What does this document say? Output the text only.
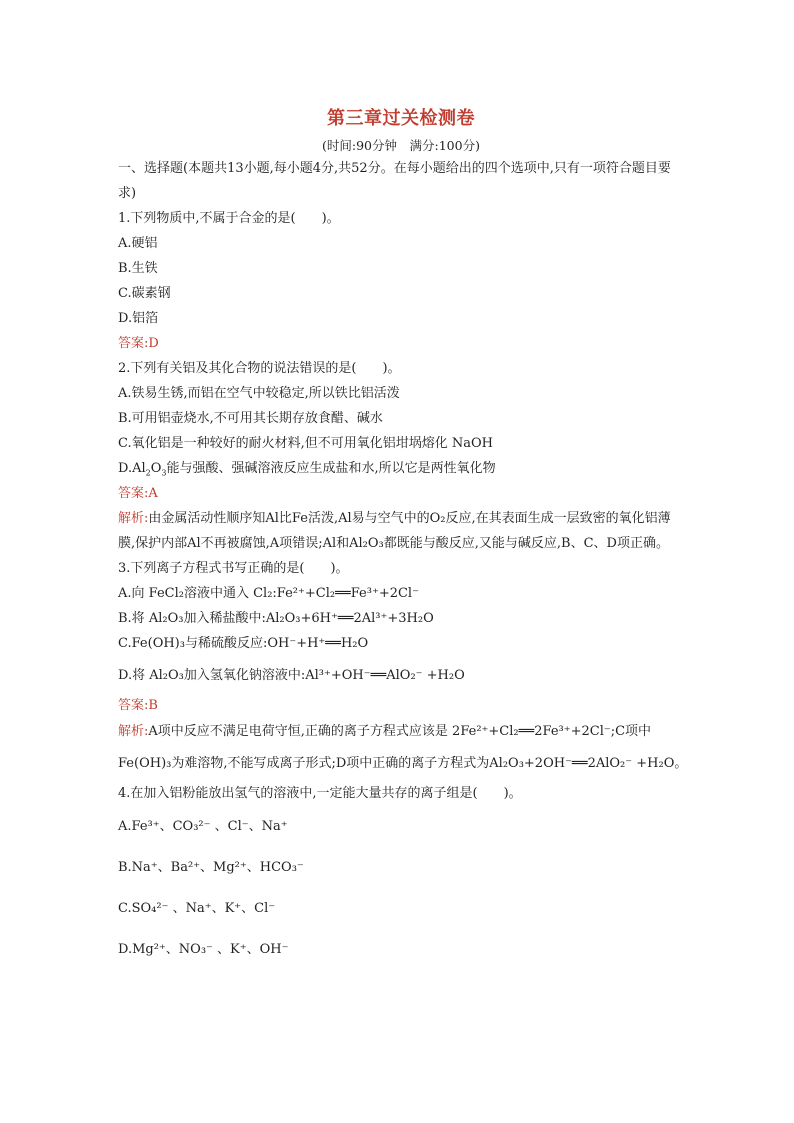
第三章过关检测卷
(时间:90分钟　满分:100分)
一、选择题(本题共13小题,每小题4分,共52分。在每小题给出的四个选项中,只有一项符合题目要求)
1.下列物质中,不属于合金的是(　　)。
A.硬铝
B.生铁
C.碳素钢
D.铝箔
答案:D
2.下列有关铝及其化合物的说法错误的是(　　)。
A.铁易生锈,而铝在空气中较稳定,所以铁比铝活泼
B.可用铝壶烧水,不可用其长期存放食醋、碱水
C.氧化铝是一种较好的耐火材料,但不可用氧化铝坩埚熔化 NaOH
$D.Al_2O_3$能与强酸、强碱溶液反应生成盐和水,所以它是两性氧化物
答案:A
解析:由金属活动性顺序知Al比Fe活泼,Al易与空气中的O₂反应,在其表面生成一层致密的氧化铝薄膜,保护内部Al不再被腐蚀,A项错误;Al和Al₂O₃都既能与酸反应,又能与碱反应,B、C、D项正确。
3.下列离子方程式书写正确的是(　　)。
A.向 FeCl₂溶液中通入 Cl₂:Fe²⁺+Cl₂══Fe³⁺+2Cl⁻
B.将 Al₂O₃加入稀盐酸中:Al₂O₃+6H⁺══2Al³⁺+3H₂O
C.Fe(OH)₃与稀硫酸反应:OH⁻+H⁺══H₂O
D.将 Al₂O₃加入氢氧化钠溶液中:Al³⁺+OH⁻══AlO₂⁻ +H₂O
答案:B
解析:A项中反应不满足电荷守恒,正确的离子方程式应该是 2Fe²⁺+Cl₂══2Fe³⁺+2Cl⁻;C项中
Fe(OH)₃为难溶物,不能写成离子形式;D项中正确的离子方程式为Al₂O₃+2OH⁻══2AlO₂⁻ +H₂O。
4.在加入铝粉能放出氢气的溶液中,一定能大量共存的离子组是(　　)。
A.Fe³⁺、CO₃²⁻ 、Cl⁻、Na⁺
B.Na⁺、Ba²⁺、Mg²⁺、HCO₃⁻
C.SO₄²⁻ 、Na⁺、K⁺、Cl⁻
D.Mg²⁺、NO₃⁻ 、K⁺、OH⁻
